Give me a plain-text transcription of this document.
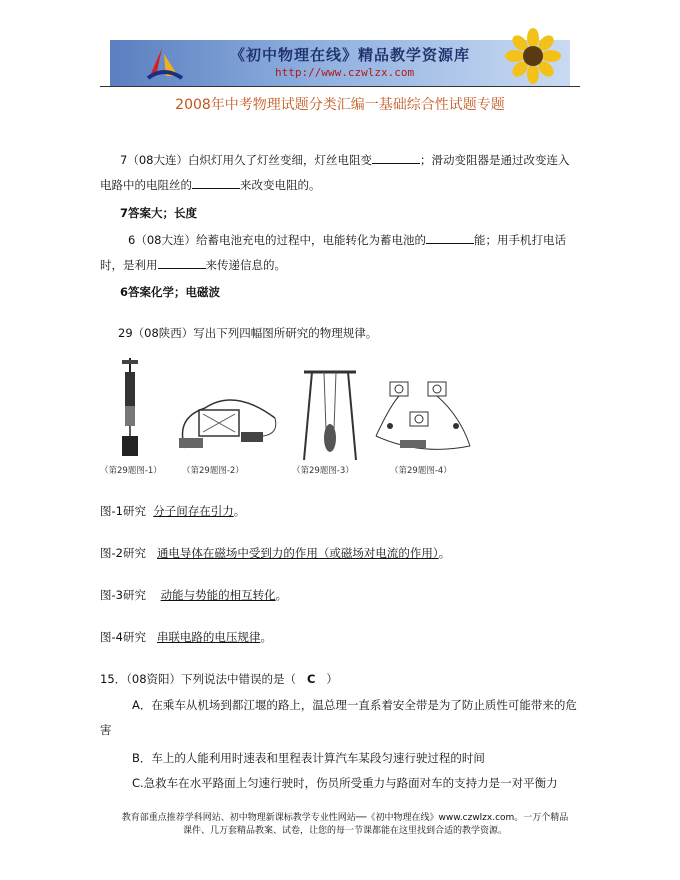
《初中物理在线》精品教学资源库
http://www.czwlzx.com
2008年中考物理试题分类汇编一基础综合性试题专题
7（08大连）白炽灯用久了灯丝变细，灯丝电阻变	；滑动变阻器是通过改变连入
电路中的电阻丝的	来改变电阻的。
7答案大；长度
6（08大连）给蓄电池充电的过程中，电能转化为蓄电池的	能；用手机打电话
时，是利用	来传递信息的。
6答案化学；电磁波
29（08陕西）写出下列四幅图所研究的物理规律。
（第29题图-1） （第29题图-2）	（第29题图-3）	（第29题图-4）
图-1研究 分子间存在引力。
图-2研究 通电导体在磁场中受到力的作用（或磁场对电流的作用）。
图-3研究 动能与势能的相互转化。
图-4研究 串联电路的电压规律。
15．（08资阳）下列说法中错误的是（ C ）
A．在乘车从机场到都江堰的路上，温总理一直系着安全带是为了防止质性可能带来的危
害
B．车上的人能利用时速表和里程表计算汽车某段匀速行驶过程的时间
C.急救车在水平路面上匀速行驶时，伤员所受重力与路面对车的支持力是一对平衡力
教育部重点推荐学科网站、初中物理新课标教学专业性网站──《初中物理在线》www.czwlzx.com。一万个精品
课件、几万套精品教案、试卷，让您的每一节课都能在这里找到合适的教学资源。
